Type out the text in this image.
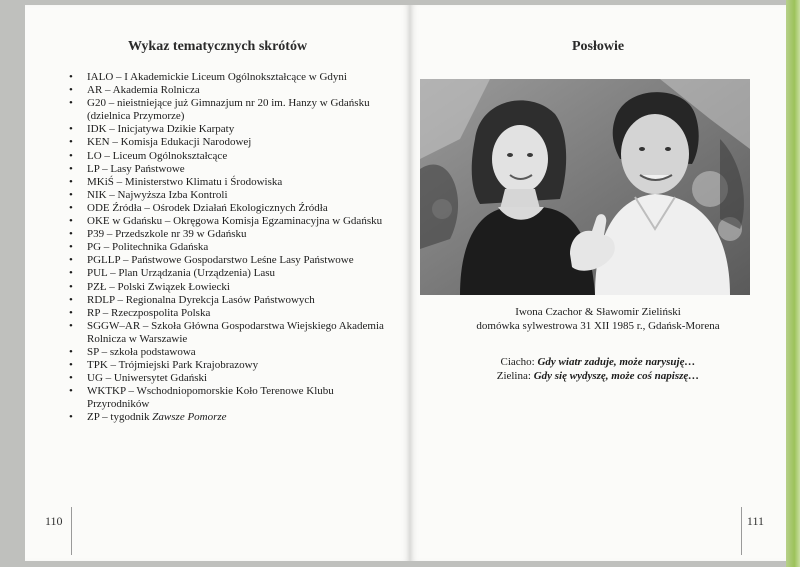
Wykaz tematycznych skrótów
• IALO – I Akademickie Liceum Ogólnokształcące w Gdyni
• AR – Akademia Rolnicza
• G20 – nieistniejące już Gimnazjum nr 20 im. Hanzy w Gdańsku (dzielnica Przymorze)
• IDK – Inicjatywa Dzikie Karpaty
• KEN – Komisja Edukacji Narodowej
• LO – Liceum Ogólnokształcące
• LP – Lasy Państwowe
• MKiŚ – Ministerstwo Klimatu i Środowiska
• NIK – Najwyższa Izba Kontroli
• ODE Źródła – Ośrodek Działań Ekologicznych Źródła
• OKE w Gdańsku – Okręgowa Komisja Egzaminacyjna w Gdańsku
• P39 – Przedszkole nr 39 w Gdańsku
• PG – Politechnika Gdańska
• PGLLP – Państwowe Gospodarstwo Leśne Lasy Państwowe
• PUL – Plan Urządzania (Urządzenia) Lasu
• PZŁ – Polski Związek Łowiecki
• RDLP – Regionalna Dyrekcja Lasów Państwowych
• RP – Rzeczpospolita Polska
• SGGW–AR – Szkoła Główna Gospodarstwa Wiejskiego Akademia Rolnicza w Warszawie
• SP – szkoła podstawowa
• TPK – Trójmiejski Park Krajobrazowy
• UG – Uniwersytet Gdański
• WKTKP – Wschodniopomorskie Koło Terenowe Klubu Przyrodników
• ZP – tygodnik Zawsze Pomorze
110
Posłowie
Iwona Czachor & Sławomir Zieliński
domówka sylwestrowa 31 XII 1985 r., Gdańsk-Morena
Ciacho: Gdy wiatr zaduje, może narysuję…
Zielina: Gdy się wydyszę, może coś napiszę…
111
